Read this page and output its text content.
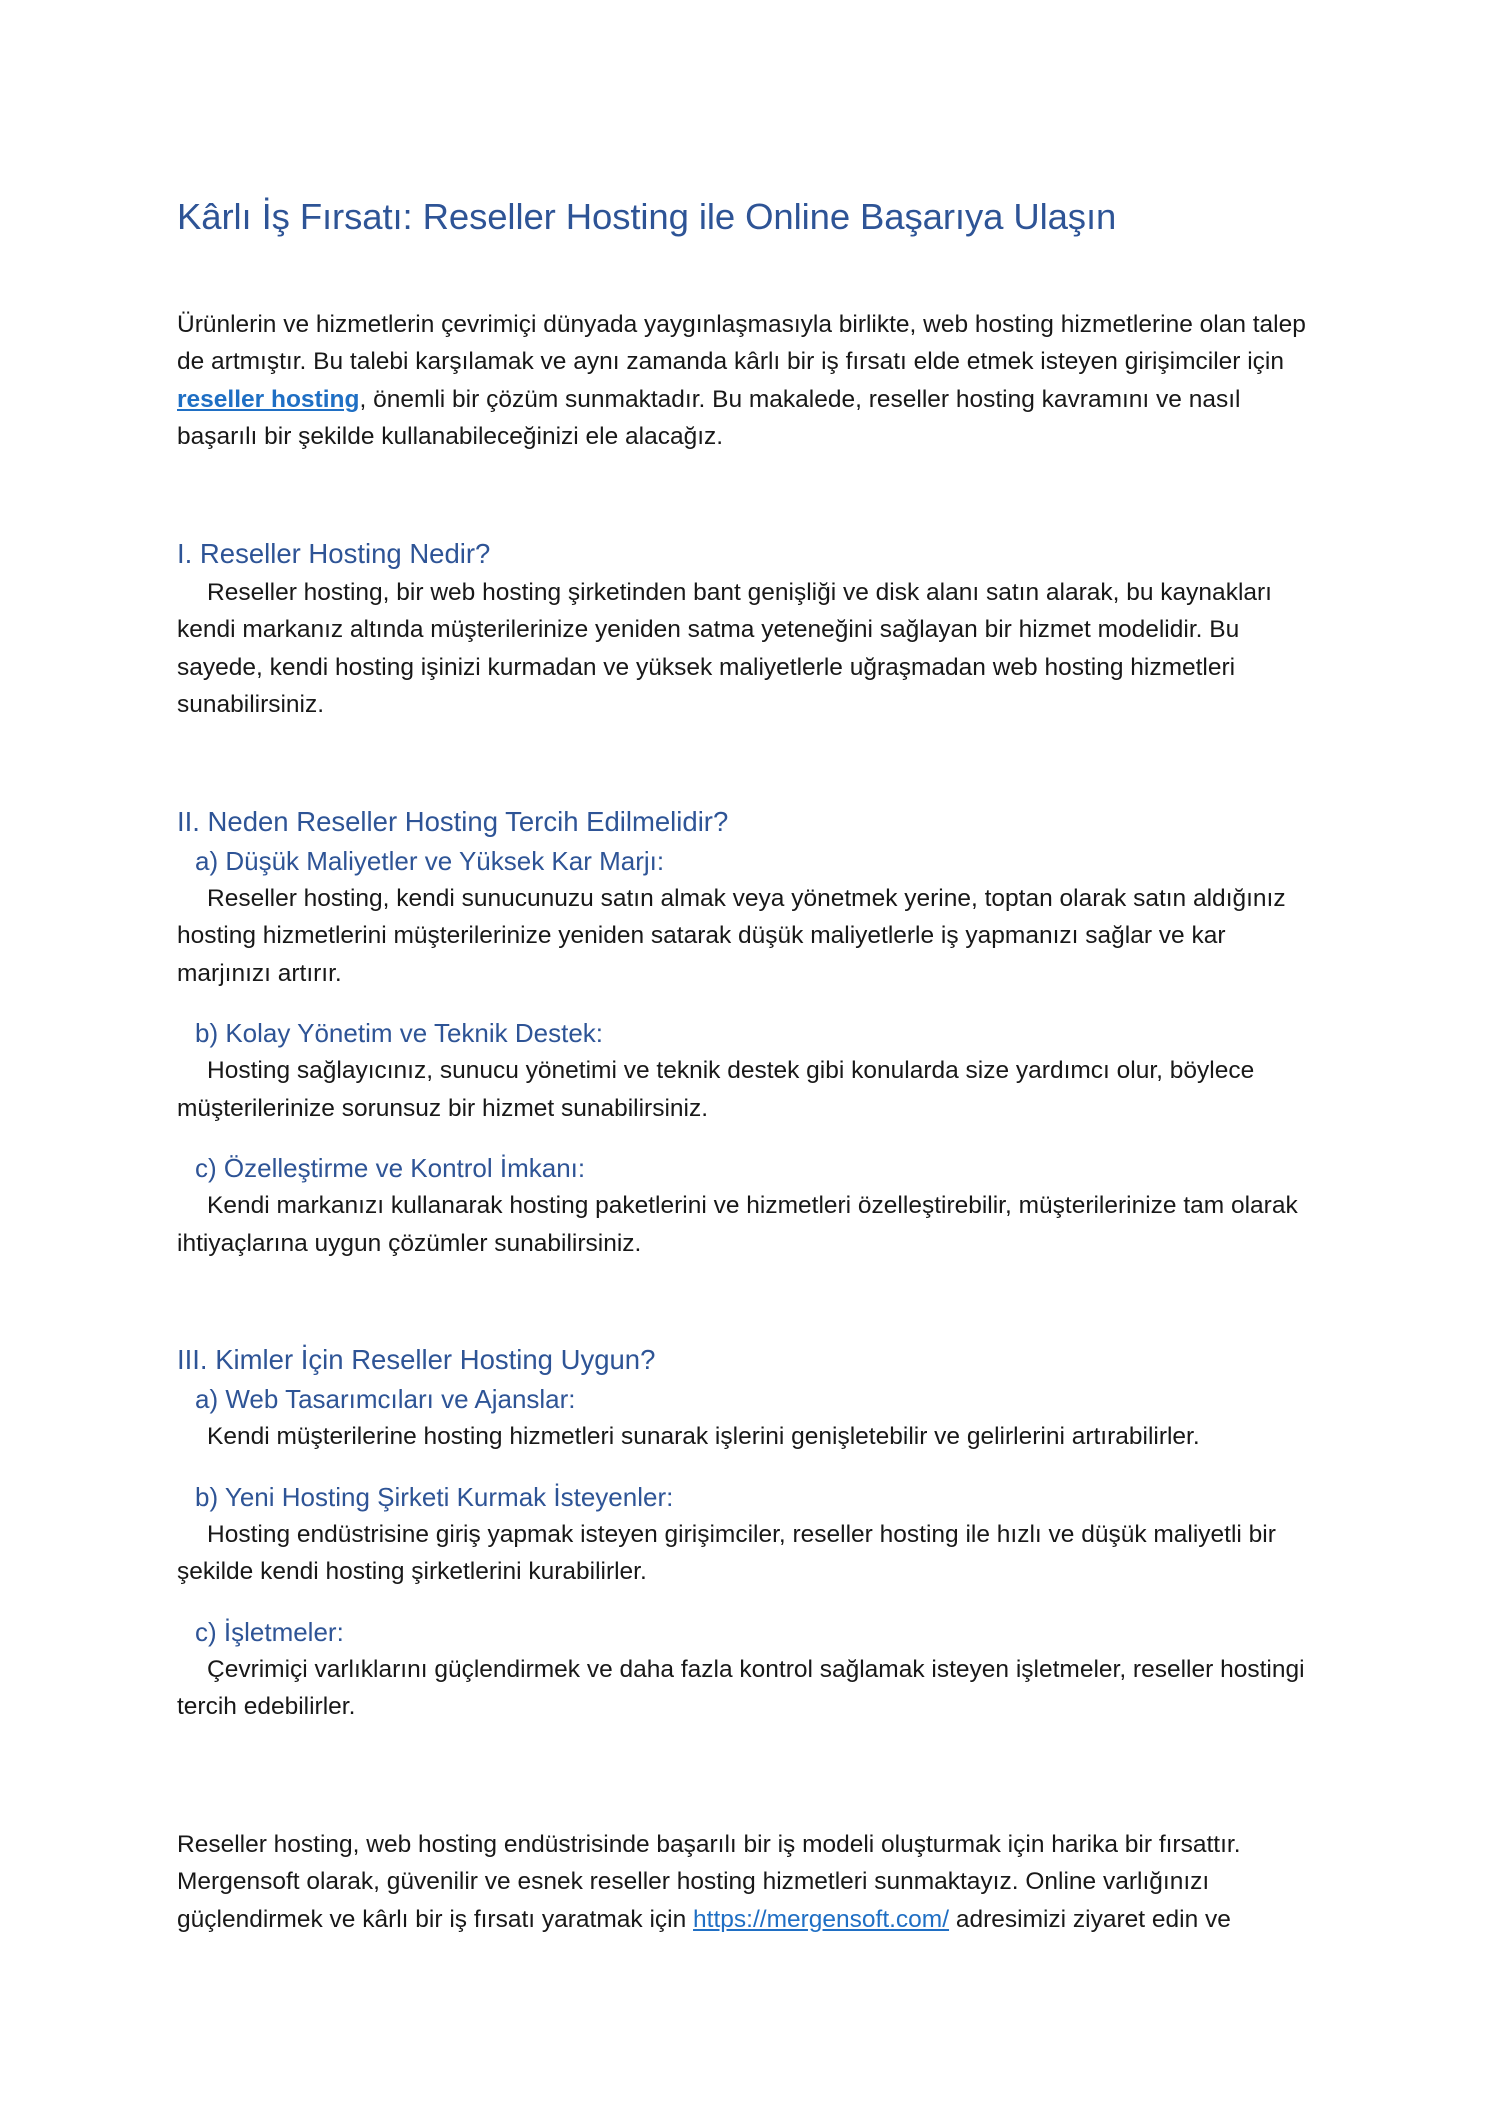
Kârlı İş Fırsatı: Reseller Hosting ile Online Başarıya Ulaşın

Ürünlerin ve hizmetlerin çevrimiçi dünyada yaygınlaşmasıyla birlikte, web hosting hizmetlerine olan talep de artmıştır. Bu talebi karşılamak ve aynı zamanda kârlı bir iş fırsatı elde etmek isteyen girişimciler için reseller hosting, önemli bir çözüm sunmaktadır. Bu makalede, reseller hosting kavramını ve nasıl başarılı bir şekilde kullanabileceğinizi ele alacağız.

I. Reseller Hosting Nedir?

Reseller hosting, bir web hosting şirketinden bant genişliği ve disk alanı satın alarak, bu kaynakları kendi markanız altında müşterilerinize yeniden satma yeteneğini sağlayan bir hizmet modelidir. Bu sayede, kendi hosting işinizi kurmadan ve yüksek maliyetlerle uğraşmadan web hosting hizmetleri sunabilirsiniz.

II. Neden Reseller Hosting Tercih Edilmelidir?
a) Düşük Maliyetler ve Yüksek Kar Marjı:

Reseller hosting, kendi sunucunuzu satın almak veya yönetmek yerine, toptan olarak satın aldığınız hosting hizmetlerini müşterilerinize yeniden satarak düşük maliyetlerle iş yapmanızı sağlar ve kar marjınızı artırır.

b) Kolay Yönetim ve Teknik Destek:

Hosting sağlayıcınız, sunucu yönetimi ve teknik destek gibi konularda size yardımcı olur, böylece müşterilerinize sorunsuz bir hizmet sunabilirsiniz.

c) Özelleştirme ve Kontrol İmkanı:

Kendi markanızı kullanarak hosting paketlerini ve hizmetleri özelleştirebilir, müşterilerinize tam olarak ihtiyaçlarına uygun çözümler sunabilirsiniz.

III. Kimler İçin Reseller Hosting Uygun?
a) Web Tasarımcıları ve Ajanslar:

Kendi müşterilerine hosting hizmetleri sunarak işlerini genişletebilir ve gelirlerini artırabilirler.

b) Yeni Hosting Şirketi Kurmak İsteyenler:

Hosting endüstrisine giriş yapmak isteyen girişimciler, reseller hosting ile hızlı ve düşük maliyetli bir şekilde kendi hosting şirketlerini kurabilirler.

c) İşletmeler:

Çevrimiçi varlıklarını güçlendirmek ve daha fazla kontrol sağlamak isteyen işletmeler, reseller hostingi tercih edebilirler.

Reseller hosting, web hosting endüstrisinde başarılı bir iş modeli oluşturmak için harika bir fırsattır. Mergensoft olarak, güvenilir ve esnek reseller hosting hizmetleri sunmaktayız. Online varlığınızı güçlendirmek ve kârlı bir iş fırsatı yaratmak için https://mergensoft.com/ adresimizi ziyaret edin ve
